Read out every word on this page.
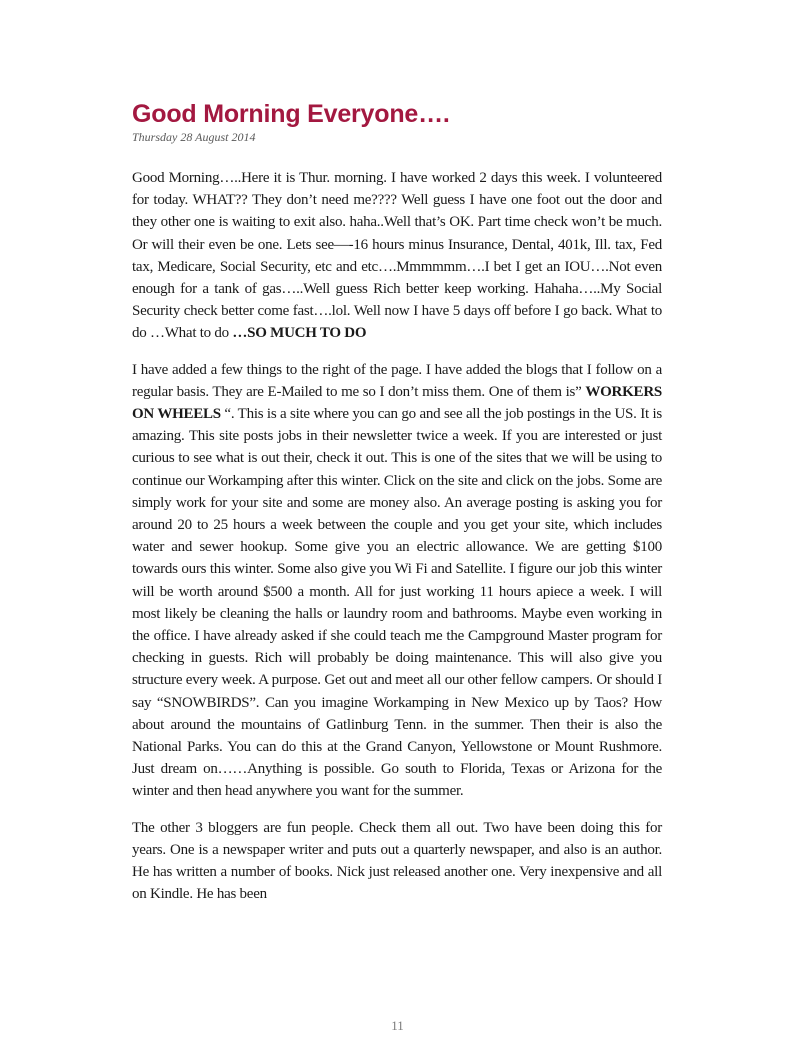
Good Morning Everyone….
Thursday 28 August 2014

Good Morning…..Here it is Thur. morning. I have worked 2 days this week. I volunteered for today. WHAT?? They don’t need me???? Well guess I have one foot out the door and they other one is waiting to exit also. haha..Well that’s OK. Part time check won’t be much. Or will their even be one. Lets see—-16 hours minus Insurance, Dental, 401k, Ill. tax, Fed tax, Medicare, Social Security, etc and etc….Mmmmmm….I bet I get an IOU….Not even enough for a tank of gas…..Well guess Rich better keep working. Hahaha…..My Social Security check better come fast….lol. Well now I have 5 days off before I go back. What to do …What to do …SO MUCH TO DO

I have added a few things to the right of the page. I have added the blogs that I follow on a regular basis. They are E-Mailed to me so I don’t miss them. One of them is” WORKERS ON WHEELS “. This is a site where you can go and see all the job postings in the US. It is amazing. This site posts jobs in their newsletter twice a week. If you are interested or just curious to see what is out their, check it out. This is one of the sites that we will be using to continue our Workamping after this winter. Click on the site and click on the jobs. Some are simply work for your site and some are money also. An average posting is asking you for around 20 to 25 hours a week between the couple and you get your site, which includes water and sewer hookup. Some give you an electric allowance. We are getting $100 towards ours this winter. Some also give you Wi Fi and Satellite. I figure our job this winter will be worth around $500 a month. All for just working 11 hours apiece a week. I will most likely be cleaning the halls or laundry room and bathrooms. Maybe even working in the office. I have already asked if she could teach me the Campground Master program for checking in guests. Rich will probably be doing maintenance. This will also give you structure every week. A purpose. Get out and meet all our other fellow campers. Or should I say “SNOWBIRDS”. Can you imagine Workamping in New Mexico up by Taos? How about around the mountains of Gatlinburg Tenn. in the summer. Then their is also the National Parks. You can do this at the Grand Canyon, Yellowstone or Mount Rushmore. Just dream on……Anything is possible. Go south to Florida, Texas or Arizona for the winter and then head anywhere you want for the summer.

The other 3 bloggers are fun people. Check them all out. Two have been doing this for years. One is a newspaper writer and puts out a quarterly newspaper, and also is an author. He has written a number of books. Nick just released another one. Very inexpensive and all on Kindle. He has been

11
